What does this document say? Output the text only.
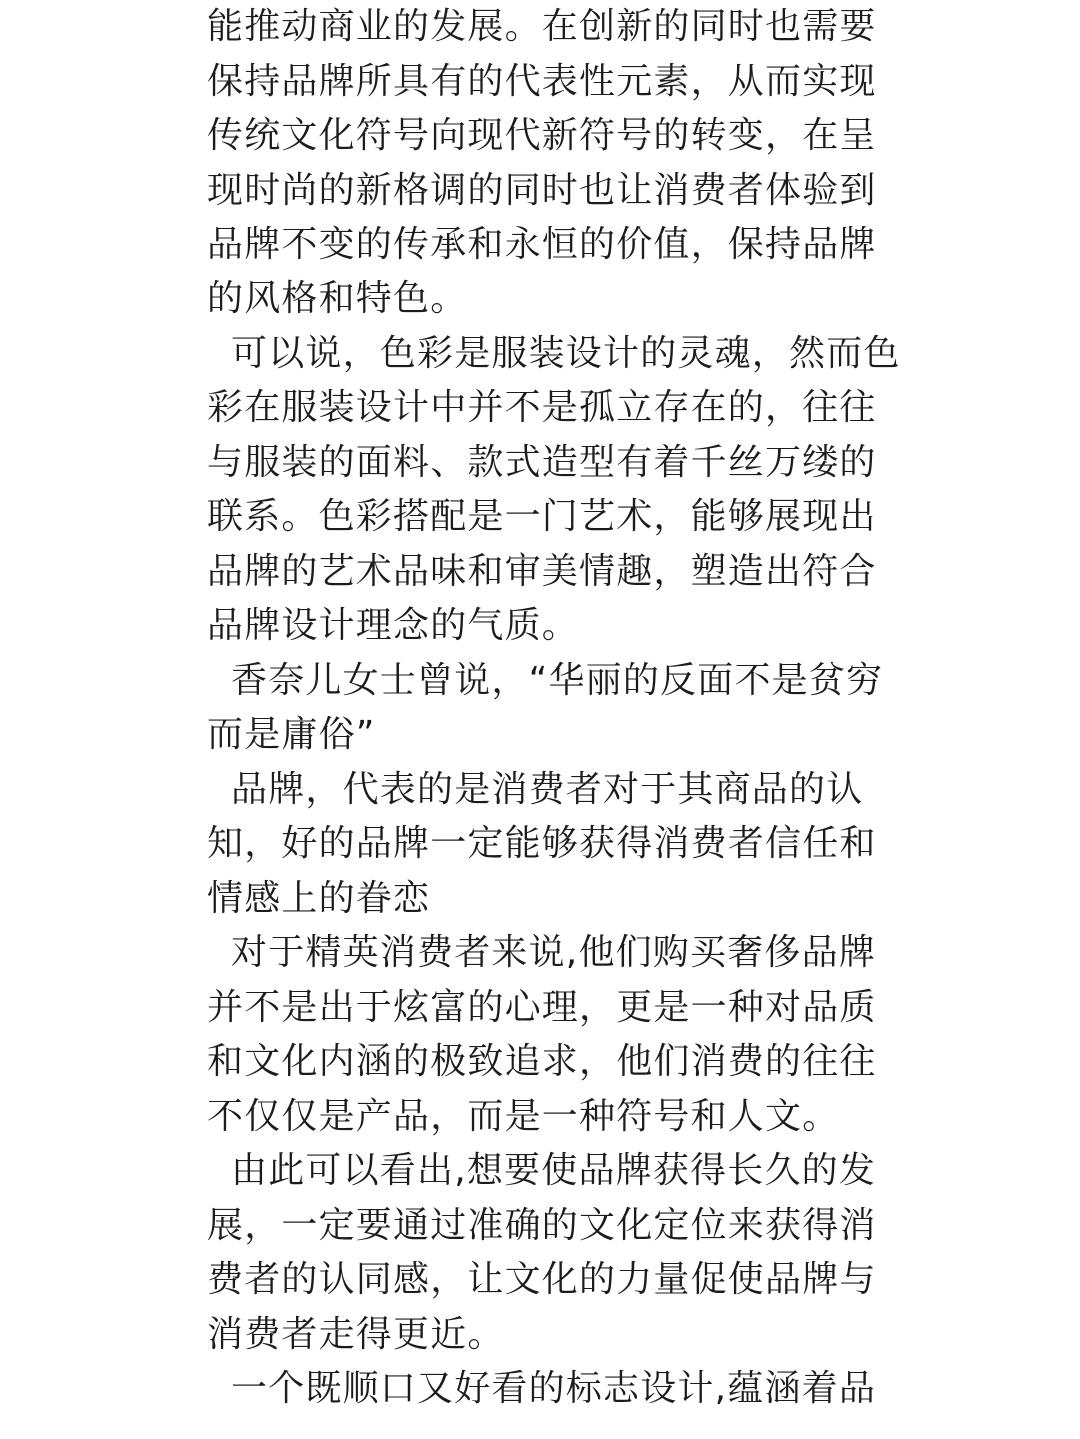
能推动商业的发展。在创新的同时也需要
保持品牌所具有的代表性元素，从而实现
传统文化符号向现代新符号的转变，在呈
现时尚的新格调的同时也让消费者体验到
品牌不变的传承和永恒的价值，保持品牌
的风格和特色。
可以说，色彩是服装设计的灵魂，然而色
彩在服装设计中并不是孤立存在的，往往
与服装的面料、款式造型有着千丝万缕的
联系。色彩搭配是一门艺术，能够展现出
品牌的艺术品味和审美情趣，塑造出符合
品牌设计理念的气质。
香奈儿女士曾说，“华丽的反面不是贫穷
而是庸俗”
品牌，代表的是消费者对于其商品的认
知，好的品牌一定能够获得消费者信任和
情感上的眷恋
对于精英消费者来说,他们购买奢侈品牌
并不是出于炫富的心理，更是一种对品质
和文化内涵的极致追求，他们消费的往往
不仅仅是产品，而是一种符号和人文。
由此可以看出,想要使品牌获得长久的发
展，一定要通过准确的文化定位来获得消
费者的认同感，让文化的力量促使品牌与
消费者走得更近。
一个既顺口又好看的标志设计,蕴涵着品
